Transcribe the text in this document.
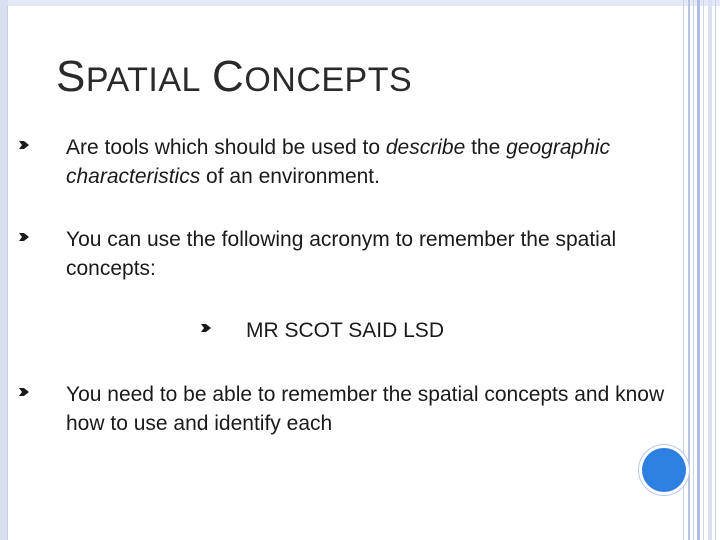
SPATIAL CONCEPTS
Are tools which should be used to describe the geographic characteristics of an environment.
You can use the following acronym to remember the spatial concepts:
MR SCOT SAID LSD
You need to be able to remember the spatial concepts and know how to use and identify each
